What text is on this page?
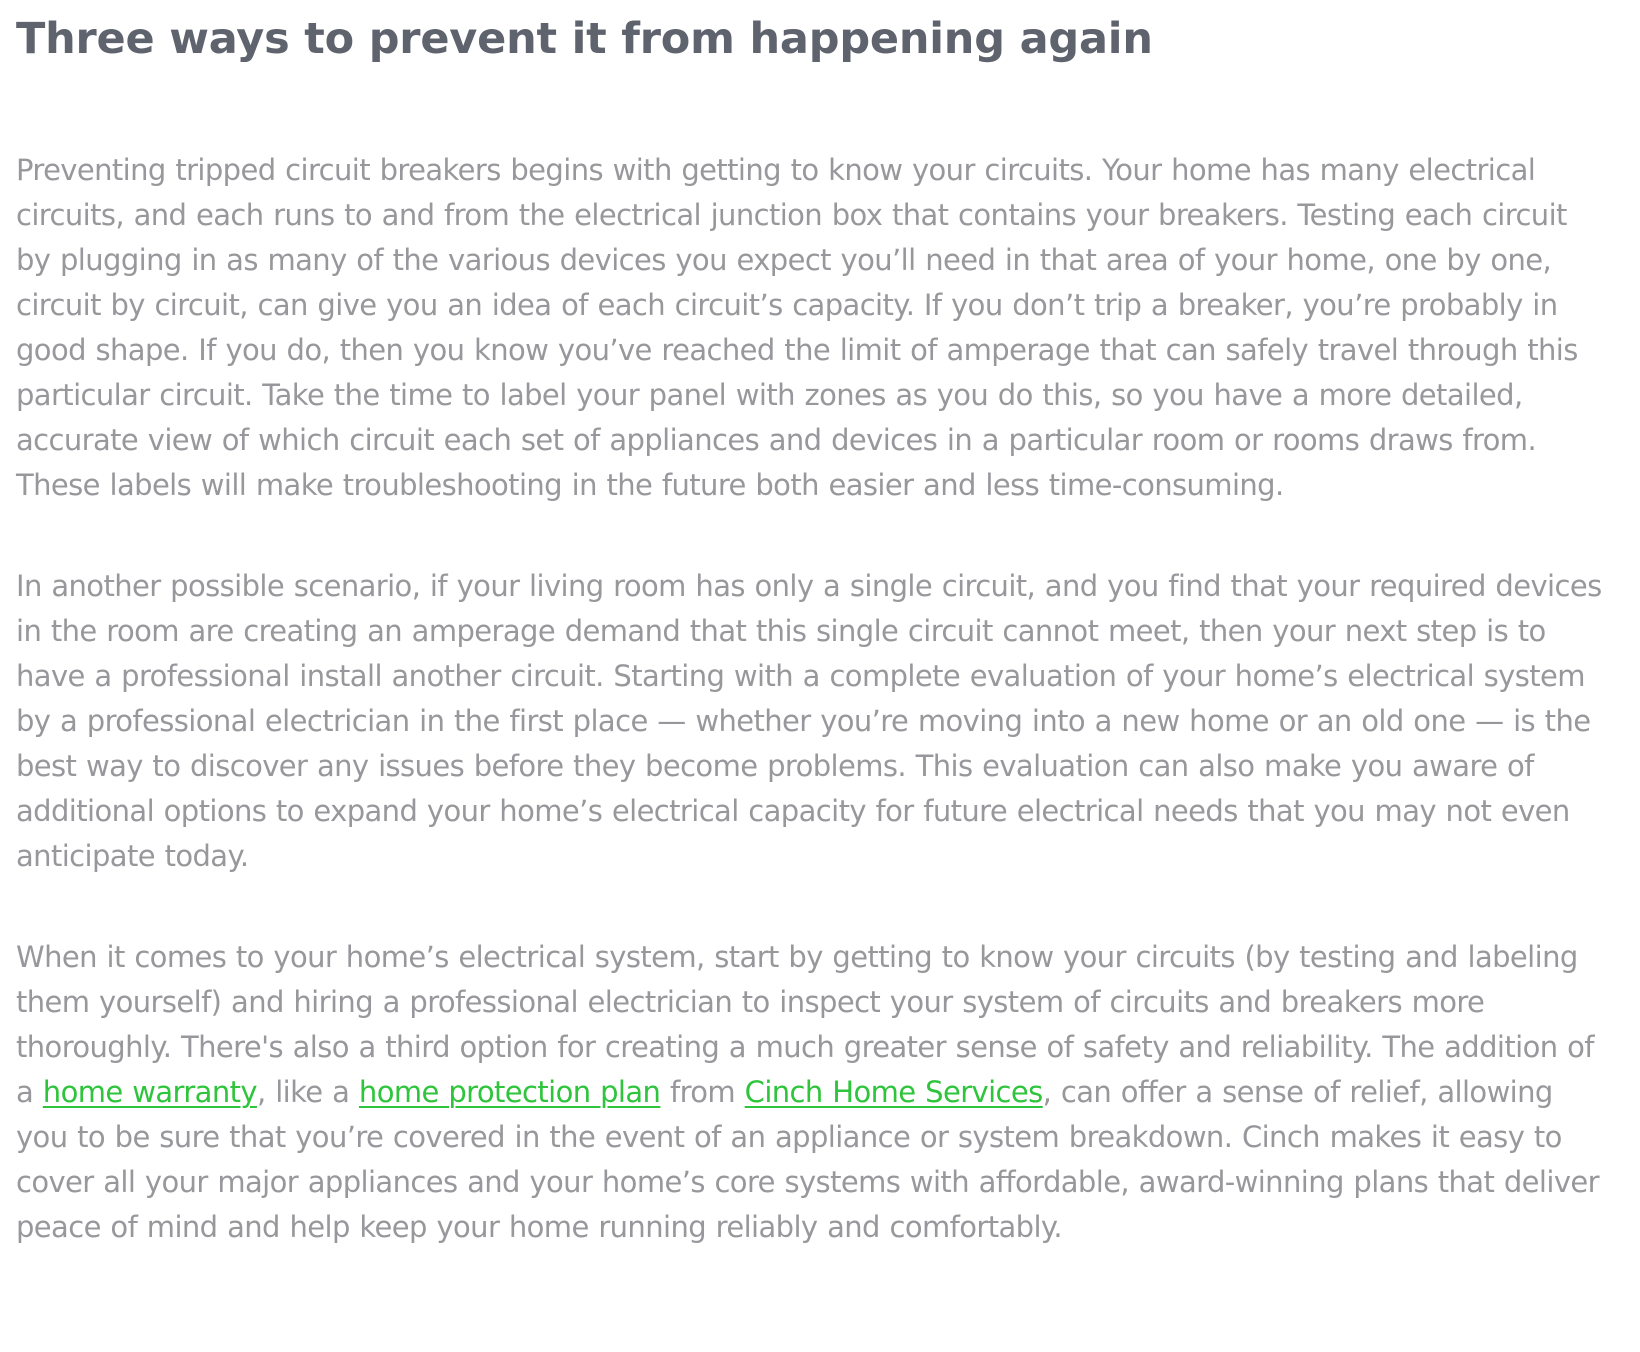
Three ways to prevent it from happening again

Preventing tripped circuit breakers begins with getting to know your circuits. Your home has many electrical circuits, and each runs to and from the electrical junction box that contains your breakers. Testing each circuit by plugging in as many of the various devices you expect you’ll need in that area of your home, one by one, circuit by circuit, can give you an idea of each circuit’s capacity. If you don’t trip a breaker, you’re probably in good shape. If you do, then you know you’ve reached the limit of amperage that can safely travel through this particular circuit. Take the time to label your panel with zones as you do this, so you have a more detailed, accurate view of which circuit each set of appliances and devices in a particular room or rooms draws from. These labels will make troubleshooting in the future both easier and less time-consuming.

In another possible scenario, if your living room has only a single circuit, and you find that your required devices in the room are creating an amperage demand that this single circuit cannot meet, then your next step is to have a professional install another circuit. Starting with a complete evaluation of your home’s electrical system by a professional electrician in the first place — whether you’re moving into a new home or an old one — is the best way to discover any issues before they become problems. This evaluation can also make you aware of additional options to expand your home’s electrical capacity for future electrical needs that you may not even anticipate today.

When it comes to your home’s electrical system, start by getting to know your circuits (by testing and labeling them yourself) and hiring a professional electrician to inspect your system of circuits and breakers more thoroughly. There's also a third option for creating a much greater sense of safety and reliability. The addition of a home warranty, like a home protection plan from Cinch Home Services, can offer a sense of relief, allowing you to be sure that you’re covered in the event of an appliance or system breakdown. Cinch makes it easy to cover all your major appliances and your home’s core systems with affordable, award-winning plans that deliver peace of mind and help keep your home running reliably and comfortably.
